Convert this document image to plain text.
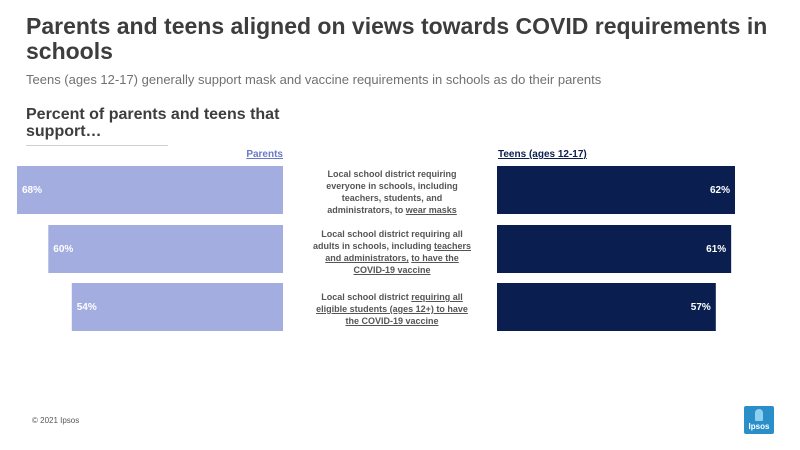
Parents and teens aligned on views towards COVID requirements in schools
Teens (ages 12-17) generally support mask and vaccine requirements in schools as do their parents
Percent of parents and teens that support…
Parents	Teens (ages 12-17)
68%
60%
54%
62%
61%
57%
Local school district requiring everyone in schools, including teachers, students, and administrators, to wear masks
Local school district requiring all adults in schools, including teachers and administrators, to have the COVID-19 vaccine
Local school district requiring all eligible students (ages 12+) to have the COVID-19 vaccine
© 2021 Ipsos
Ipsos
